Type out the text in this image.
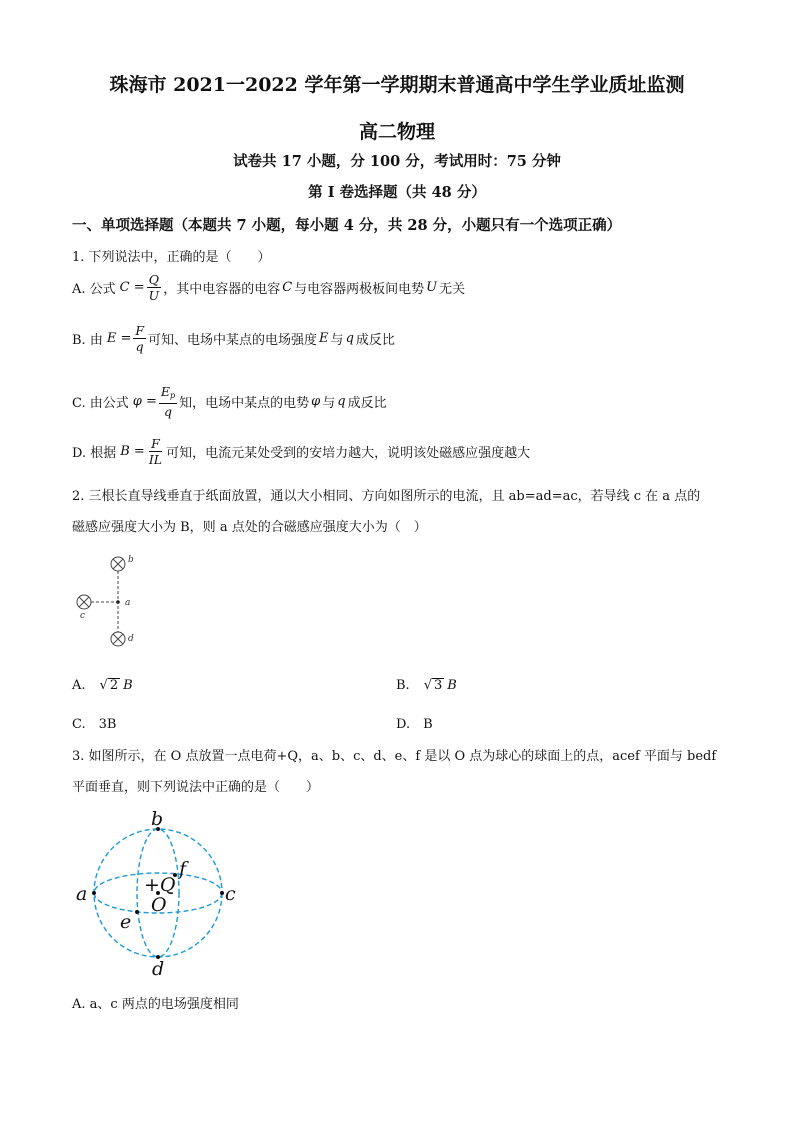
珠海市 2021一2022 学年第一学期期末普通高中学生学业质址监测
高二物理
试卷共 17 小题，分 100 分，考试用时：75 分钟
第 I 卷选择题（共 48 分）
一、单项选择题（本题共 7 小题，每小题 4 分，共 28 分，小题只有一个选项正确）
1. 下列说法中，正确的是（　　）
A. 公式 $C = \frac{Q}{U}$ ，其中电容器的电容 C 与电容器两极板间电势 U 无关
B. 由 $E = \frac{F}{q}$ 可知、电场中某点的电场强度 E 与 q 成反比
C. 由公式 $\varphi = \frac{E_p}{q}$ 知，电场中某点的电势 φ 与 q 成反比
D. 根据 $B = \frac{F}{IL}$ 可知，电流元某处受到的安培力越大，说明该处磁感应强度越大
2. 三根长直导线垂直于纸面放置，通以大小相同、方向如图所示的电流，且 ab=ad=ac，若导线 c 在 a 点的
磁感应强度大小为 B，则 a 点处的合磁感应强度大小为（　）
b
a
c
d
A. √ 2 B	B. √ 3 B
C.　3B	D.　B
3. 如图所示，在 O 点放置一点电荷+Q，a、b、c、d、e、f 是以 O 点为球心的球面上的点，acef 平面与 bedf
平面垂直，则下列说法中正确的是（　　）
b
a	c
d
e
f
+Q
O
A. a、c 两点的电场强度相同
